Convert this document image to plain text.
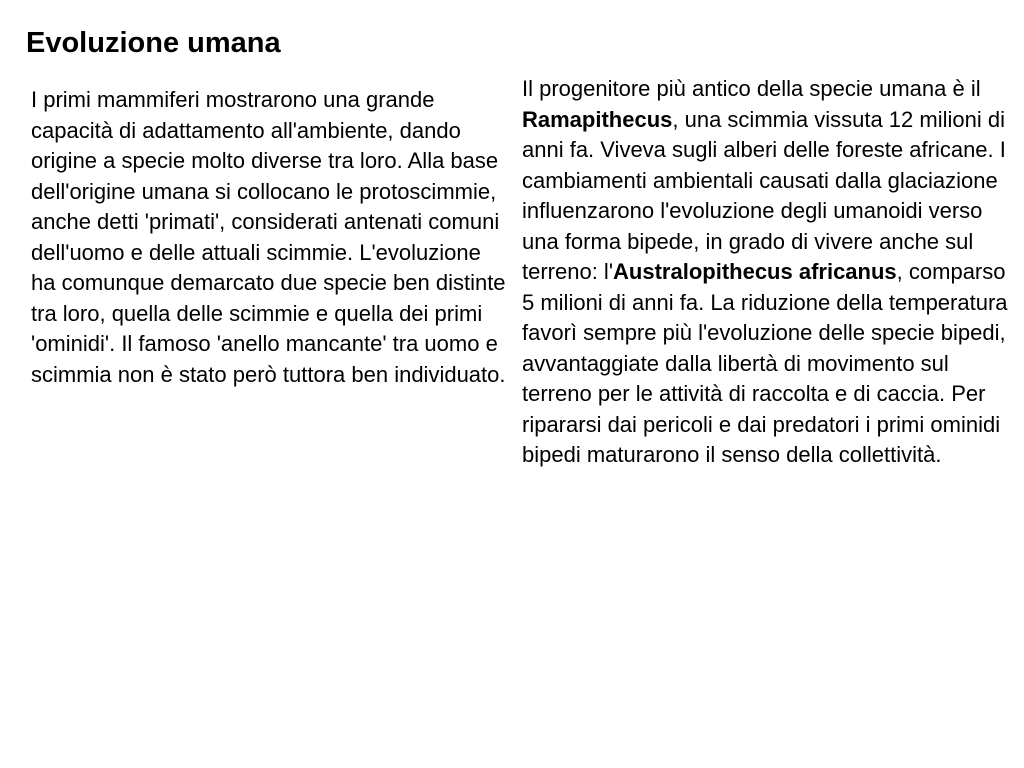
Evoluzione umana

I primi mammiferi mostrarono una grande capacità di adattamento all'ambiente, dando origine a specie molto diverse tra loro. Alla base dell'origine umana si collocano le protoscimmie, anche detti 'primati', considerati antenati comuni dell'uomo e delle attuali scimmie. L'evoluzione ha comunque demarcato due specie ben distinte tra loro, quella delle scimmie e quella dei primi 'ominidi'. Il famoso 'anello mancante' tra uomo e scimmia non è stato però tuttora ben individuato.

Il progenitore più antico della specie umana è il Ramapithecus, una scimmia vissuta 12 milioni di anni fa. Viveva sugli alberi delle foreste africane. I cambiamenti ambientali causati dalla glaciazione influenzarono l'evoluzione degli umanoidi verso una forma bipede, in grado di vivere anche sul terreno: l'Australopithecus africanus, comparso 5 milioni di anni fa. La riduzione della temperatura favorì sempre più l'evoluzione delle specie bipedi, avvantaggiate dalla libertà di movimento sul terreno per le attività di raccolta e di caccia. Per ripararsi dai pericoli e dai predatori i primi ominidi bipedi maturarono il senso della collettività.
